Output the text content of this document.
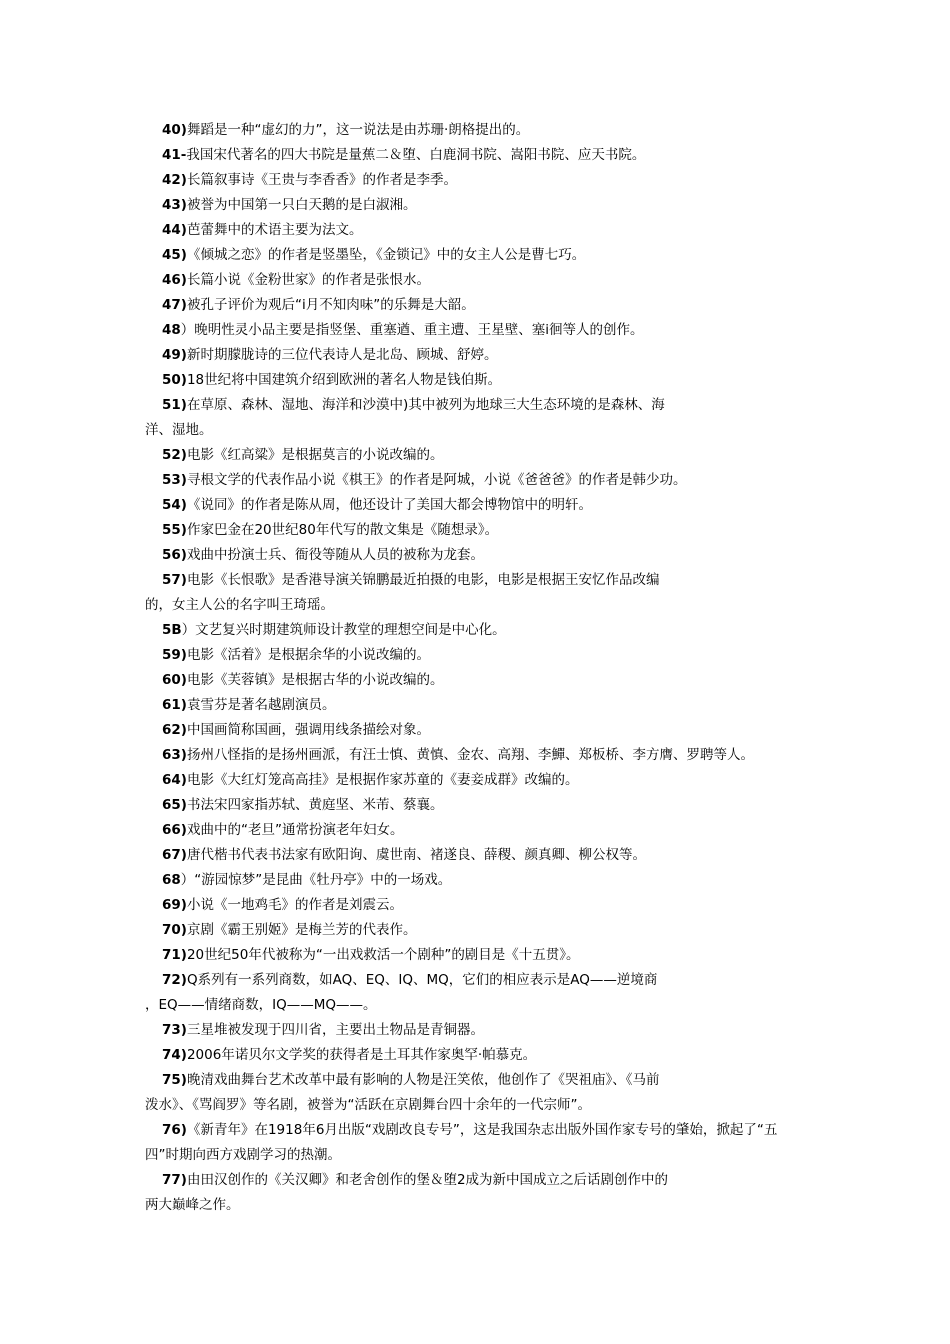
40)舞蹈是一种“虚幻的力”，这一说法是由苏珊·朗格提出的。
41-我国宋代著名的四大书院是量蕉二＆堕、白鹿洞书院、嵩阳书院、应天书院。
42)长篇叙事诗《王贵与李香香》的作者是李季。
43)被誉为中国第一只白天鹅的是白淑湘。
44)芭蕾舞中的术语主要为法文。
45)《倾城之恋》的作者是竖墨坠，《金锁记》中的女主人公是曹七巧。
46)长篇小说《金粉世家》的作者是张恨水。
47)被孔子评价为观后“i月不知肉味”的乐舞是大韶。
48）晚明性灵小品主要是指竖堡、重塞遒、重主遭、王星壁、塞i徊等人的创作。
49)新时期朦胧诗的三位代表诗人是北岛、顾城、舒婷。
50)18世纪将中国建筑介绍到欧洲的著名人物是钱伯斯。
51)在草原、森林、湿地、海洋和沙漠中)其中被列为地球三大生态环境的是森林、海
洋、湿地。
52)电影《红高粱》是根据莫言的小说改编的。
53)寻根文学的代表作品小说《棋王》的作者是阿城，小说《爸爸爸》的作者是韩少功。
54)《说同》的作者是陈从周，他还设计了美国大都会博物馆中的明轩。
55)作家巴金在20世纪80年代写的散文集是《随想录》。
56)戏曲中扮演士兵、衙役等随从人员的被称为龙套。
57)电影《长恨歌》是香港导演关锦鹏最近拍摄的电影，电影是根据王安忆作品改编
的，女主人公的名字叫王琦瑶。
5B）文艺复兴时期建筑师设计教堂的理想空间是中心化。
59)电影《活着》是根据余华的小说改编的。
60)电影《芙蓉镇》是根据古华的小说改编的。
61)袁雪芬是著名越剧演员。
62)中国画简称国画，强调用线条描绘对象。
63)扬州八怪指的是扬州画派，有汪士慎、黄慎、金农、高翔、李鱓、郑板桥、李方膺、罗聘等人。
64)电影《大红灯笼高高挂》是根据作家苏童的《妻妾成群》改编的。
65)书法宋四家指苏轼、黄庭坚、米芾、蔡襄。
66)戏曲中的“老旦”通常扮演老年妇女。
67)唐代楷书代表书法家有欧阳询、虞世南、褚遂良、薛稷、颜真卿、柳公权等。
68）“游园惊梦”是昆曲《牡丹亭》中的一场戏。
69)小说《一地鸡毛》的作者是刘震云。
70)京剧《霸王别姬》是梅兰芳的代表作。
71)20世纪50年代被称为“一出戏救活一个剧种”的剧目是《十五贯》。
72)Q系列有一系列商数，如AQ、EQ、IQ、MQ，它们的相应表示是AQ——逆境商
，EQ——情绪商数，IQ——MQ——。
73)三星堆被发现于四川省，主要出土物品是青铜器。
74)2006年诺贝尔文学奖的获得者是土耳其作家奥罕·帕慕克。
75)晚清戏曲舞台艺术改革中最有影响的人物是汪笑侬，他创作了《哭祖庙》、《马前
泼水》、《骂阎罗》等名剧，被誉为“活跃在京剧舞台四十余年的一代宗师”。
76)《新青年》在1918年6月出版“戏剧改良专号”，这是我国杂志出版外国作家专号的肇始，掀起了“五
四”时期向西方戏剧学习的热潮。
77)由田汉创作的《关汉卿》和老舍创作的堡＆堕2成为新中国成立之后话剧创作中的
两大巅峰之作。
